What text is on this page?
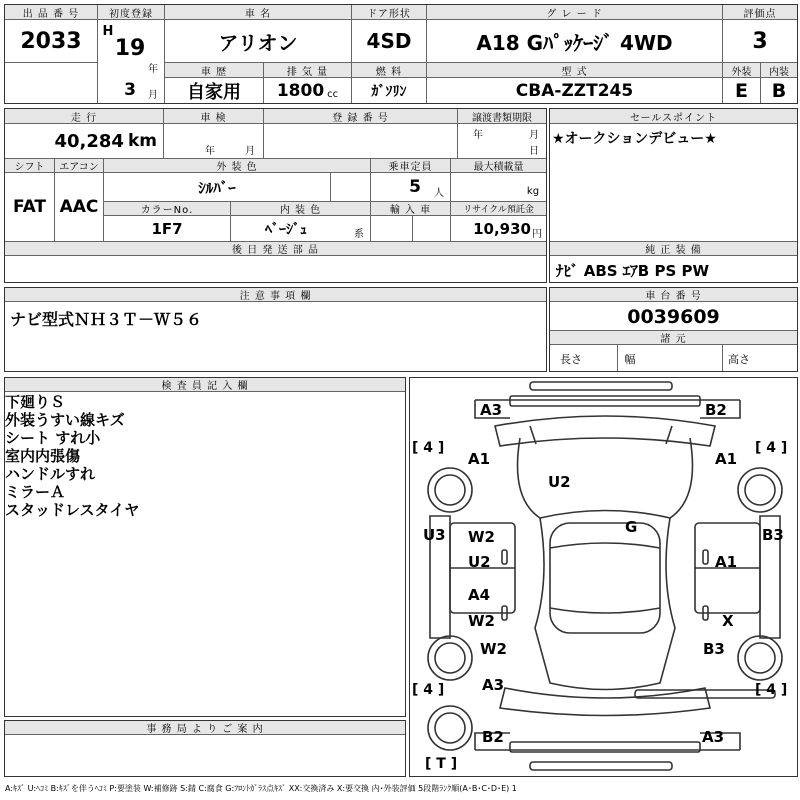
出 品 番 号
2033
初度登録
H
19
年
3	月
車 名
アリオン
ドア形状
4SD
グ レ ー ド
A18 Gﾊﾟｯｹｰｼﾞ 4WD
評価点
3
車 歴
自家用
排 気 量
1800 cc
燃 料
ｶﾞｿﾘﾝ
型 式
CBA-ZZT245
外装	内装
E	B
走 行
40,284 km
車 検
年	月
登 録 番 号	譲渡書類期限
年	月
日
シフト
FAT
エアコン
AAC
外 装 色
ｼﾙﾊﾞｰ
乗車定員
5	人
最大積載量
kg
カラーNo.
1F7
内 装 色
ﾍﾞｰｼﾞｭ	系
輸 入 車	リサイクル預託金
10,930 円
後 日 発 送 部 品
セールスポイント
★オークションデビュー★
純 正 装 備
ﾅﾋﾞ ABS ｴｱB PS PW
注 意 事 項 欄
ナビ型式ＮＨ３Ｔ－Ｗ５６
車 台 番 号
0039609
諸 元
長さ	幅	高さ
検 査 員 記 入 欄
下廻りＳ
外装うすい線キズ
シート すれ小
室内内張傷
ハンドルすれ
ミラーＡ
スタッドレスタイヤ
事 務 局 よ り ご 案 内
A3	B2
A1	A1
U2
G
U3 W2
U2	A1
B3
A4
W2	X
W2	B3
A3
B2	A3
[ 4 ]	[ 4 ]
[ 4 ]	[ 4 ]
[ T ]
A:ｷｽﾞ U:ﾍｺﾐ B:ｷｽﾞを伴うﾍｺﾐ P:要塗装 W:補修跡 S:錆 C:腐食 G:ﾌﾛﾝﾄｶﾞﾗｽ点ｷｽﾞ XX:交換済み X:要交換 内･外装評価 5段階ﾗﾝｸ順(A･B･C･D･E) 1
